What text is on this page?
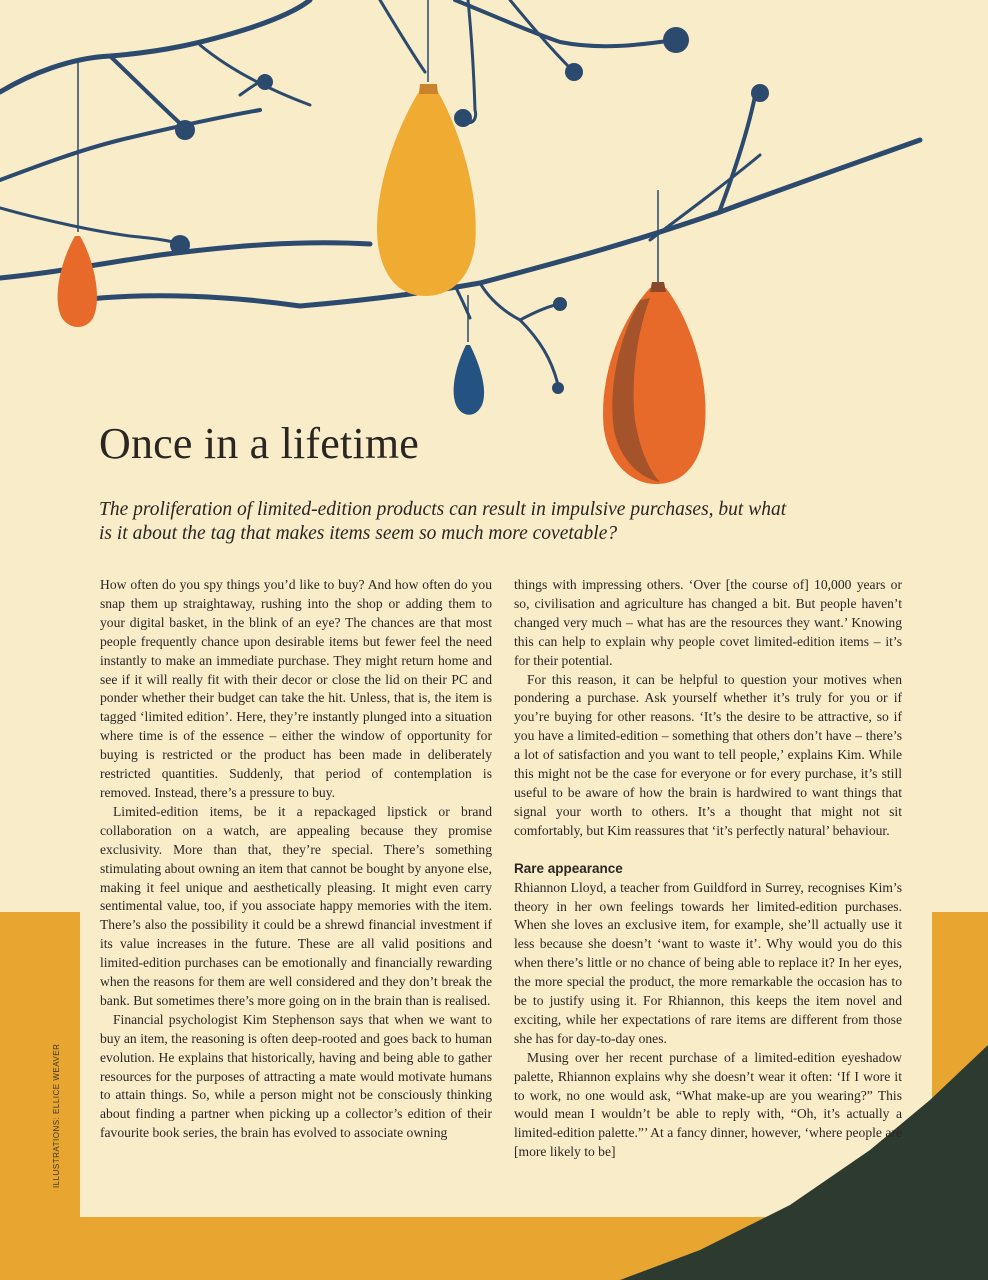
Once in a lifetime

The proliferation of limited-edition products can result in impulsive purchases, but what is it about the tag that makes items seem so much more covetable?

How often do you spy things you’d like to buy? And how often do you snap them up straightaway, rushing into the shop or adding them to your digital basket, in the blink of an eye? The chances are that most people frequently chance upon desirable items but fewer feel the need instantly to make an immediate purchase. They might return home and see if it will really fit with their decor or close the lid on their PC and ponder whether their budget can take the hit. Unless, that is, the item is tagged ‘limited edition’. Here, they’re instantly plunged into a situation where time is of the essence – either the window of opportunity for buying is restricted or the product has been made in deliberately restricted quantities. Suddenly, that period of contemplation is removed. Instead, there’s a pressure to buy.

Limited-edition items, be it a repackaged lipstick or brand collaboration on a watch, are appealing because they promise exclusivity. More than that, they’re special. There’s something stimulating about owning an item that cannot be bought by anyone else, making it feel unique and aesthetically pleasing. It might even carry sentimental value, too, if you associate happy memories with the item. There’s also the possibility it could be a shrewd financial investment if its value increases in the future. These are all valid positions and limited-edition purchases can be emotionally and financially rewarding when the reasons for them are well considered and they don’t break the bank. But sometimes there’s more going on in the brain than is realised.

Financial psychologist Kim Stephenson says that when we want to buy an item, the reasoning is often deep-rooted and goes back to human evolution. He explains that historically, having and being able to gather resources for the purposes of attracting a mate would motivate humans to attain things. So, while a person might not be consciously thinking about finding a partner when picking up a collector’s edition of their favourite book series, the brain has evolved to associate owning

things with impressing others. ‘Over [the course of] 10,000 years or so, civilisation and agriculture has changed a bit. But people haven’t changed very much – what has are the resources they want.’ Knowing this can help to explain why people covet limited-edition items – it’s for their potential.

For this reason, it can be helpful to question your motives when pondering a purchase. Ask yourself whether it’s truly for you or if you’re buying for other reasons. ‘It’s the desire to be attractive, so if you have a limited-edition – something that others don’t have – there’s a lot of satisfaction and you want to tell people,’ explains Kim. While this might not be the case for everyone or for every purchase, it’s still useful to be aware of how the brain is hardwired to want things that signal your worth to others. It’s a thought that might not sit comfortably, but Kim reassures that ‘it’s perfectly natural’ behaviour.

Rare appearance

Rhiannon Lloyd, a teacher from Guildford in Surrey, recognises Kim’s theory in her own feelings towards her limited-edition purchases. When she loves an exclusive item, for example, she’ll actually use it less because she doesn’t ‘want to waste it’. Why would you do this when there’s little or no chance of being able to replace it? In her eyes, the more special the product, the more remarkable the occasion has to be to justify using it. For Rhiannon, this keeps the item novel and exciting, while her expectations of rare items are different from those she has for day-to-day ones.

Musing over her recent purchase of a limited-edition eyeshadow palette, Rhiannon explains why she doesn’t wear it often: ‘If I wore it to work, no one would ask, “What make-up are you wearing?” This would mean I wouldn’t be able to reply with, “Oh, it’s actually a limited-edition palette.”’ At a fancy dinner, however, ‘where people are [more likely to be]

ILLUSTRATIONS: ELLICE WEAVER
